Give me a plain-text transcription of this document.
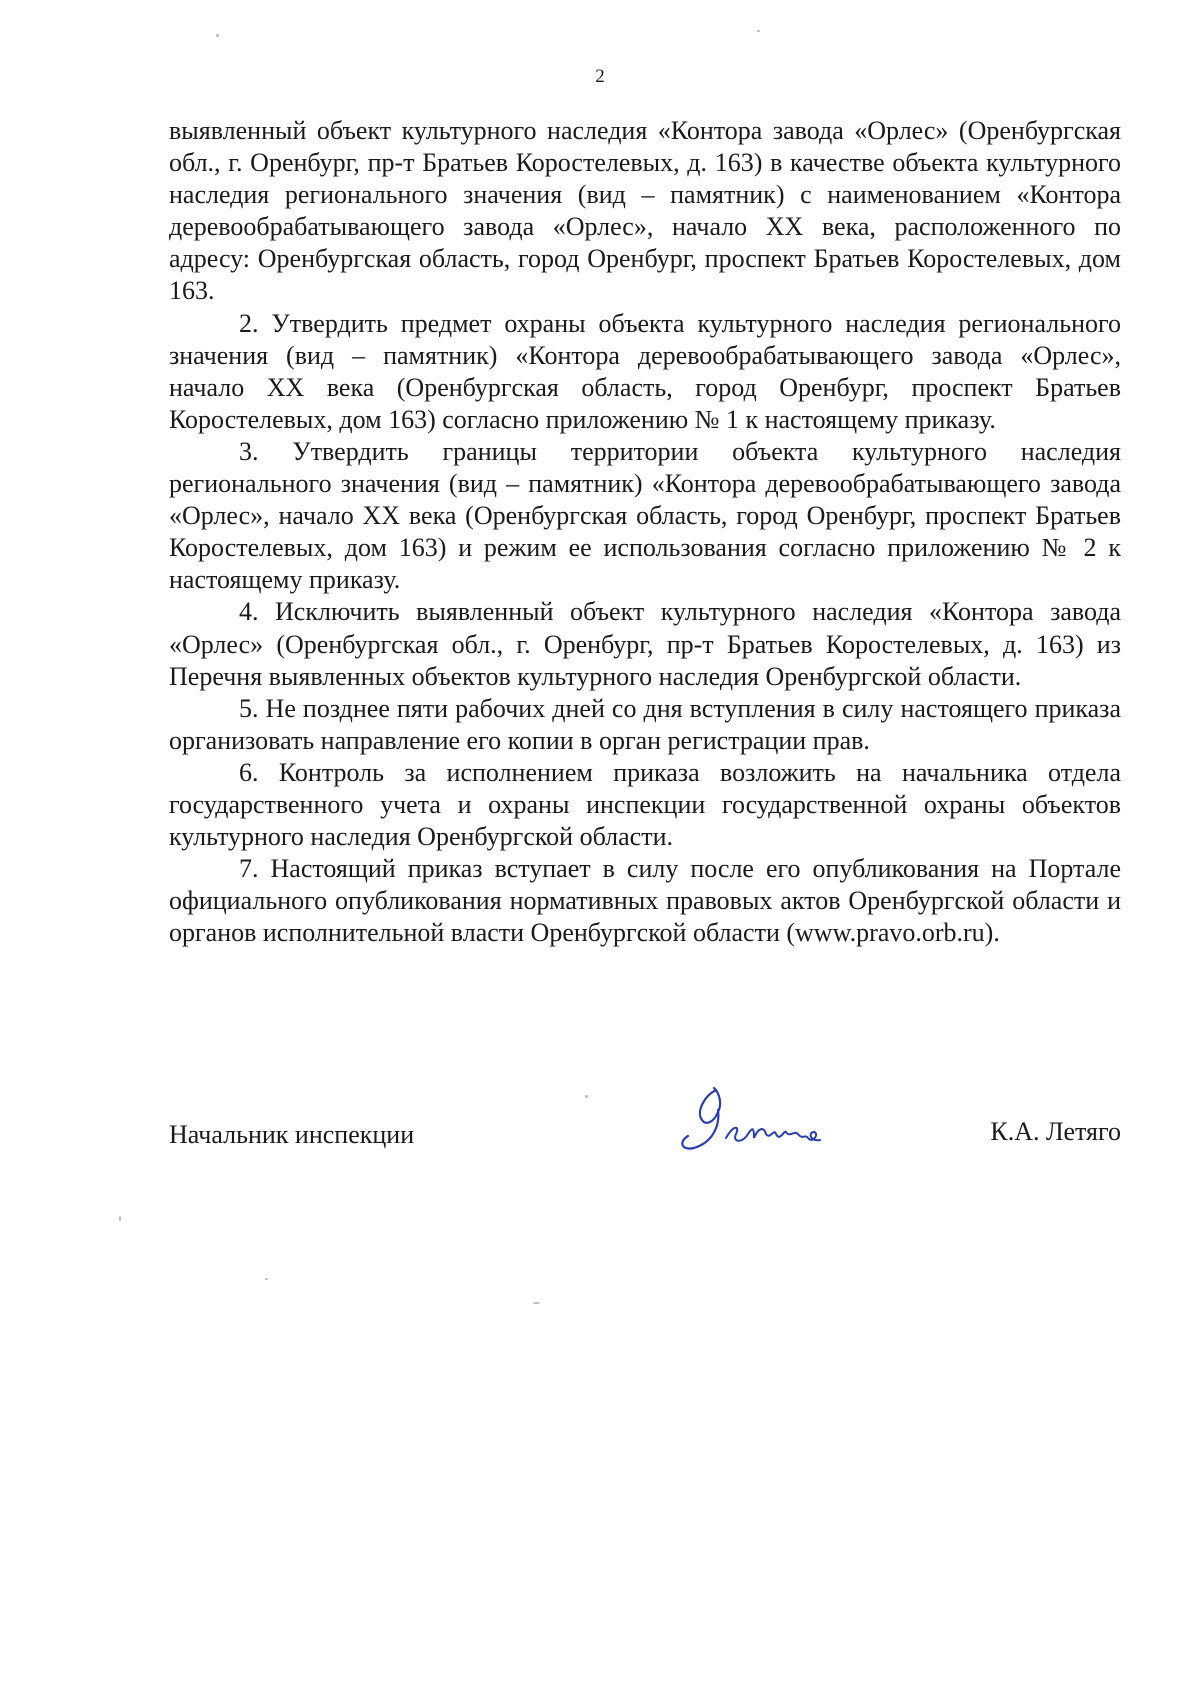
2

выявленный объект культурного наследия «Контора завода «Орлес» (Оренбургская обл., г. Оренбург, пр-т Братьев Коростелевых, д. 163) в качестве объекта культурного наследия регионального значения (вид – памятник) с наименованием «Контора деревообрабатывающего завода «Орлес», начало XX века, расположенного по адресу: Оренбургская область, город Оренбург, проспект Братьев Коростелевых, дом 163.

2. Утвердить предмет охраны объекта культурного наследия регионального значения (вид – памятник) «Контора деревообрабатывающего завода «Орлес», начало XX века (Оренбургская область, город Оренбург, проспект Братьев Коростелевых, дом 163) согласно приложению № 1 к настоящему приказу.

3. Утвердить границы территории объекта культурного наследия регионального значения (вид – памятник) «Контора деревообрабатывающего завода «Орлес», начало XX века (Оренбургская область, город Оренбург, проспект Братьев Коростелевых, дом 163) и режим ее использования согласно приложению № 2 к настоящему приказу.

4. Исключить выявленный объект культурного наследия «Контора завода «Орлес» (Оренбургская обл., г. Оренбург, пр-т Братьев Коростелевых, д. 163) из Перечня выявленных объектов культурного наследия Оренбургской области.

5. Не позднее пяти рабочих дней со дня вступления в силу настоящего приказа организовать направление его копии в орган регистрации прав.

6. Контроль за исполнением приказа возложить на начальника отдела государственного учета и охраны инспекции государственной охраны объектов культурного наследия Оренбургской области.

7. Настоящий приказ вступает в силу после его опубликования на Портале официального опубликования нормативных правовых актов Оренбургской области и органов исполнительной власти Оренбургской области (www.pravo.orb.ru).

Начальник инспекции	К.А. Летяго
